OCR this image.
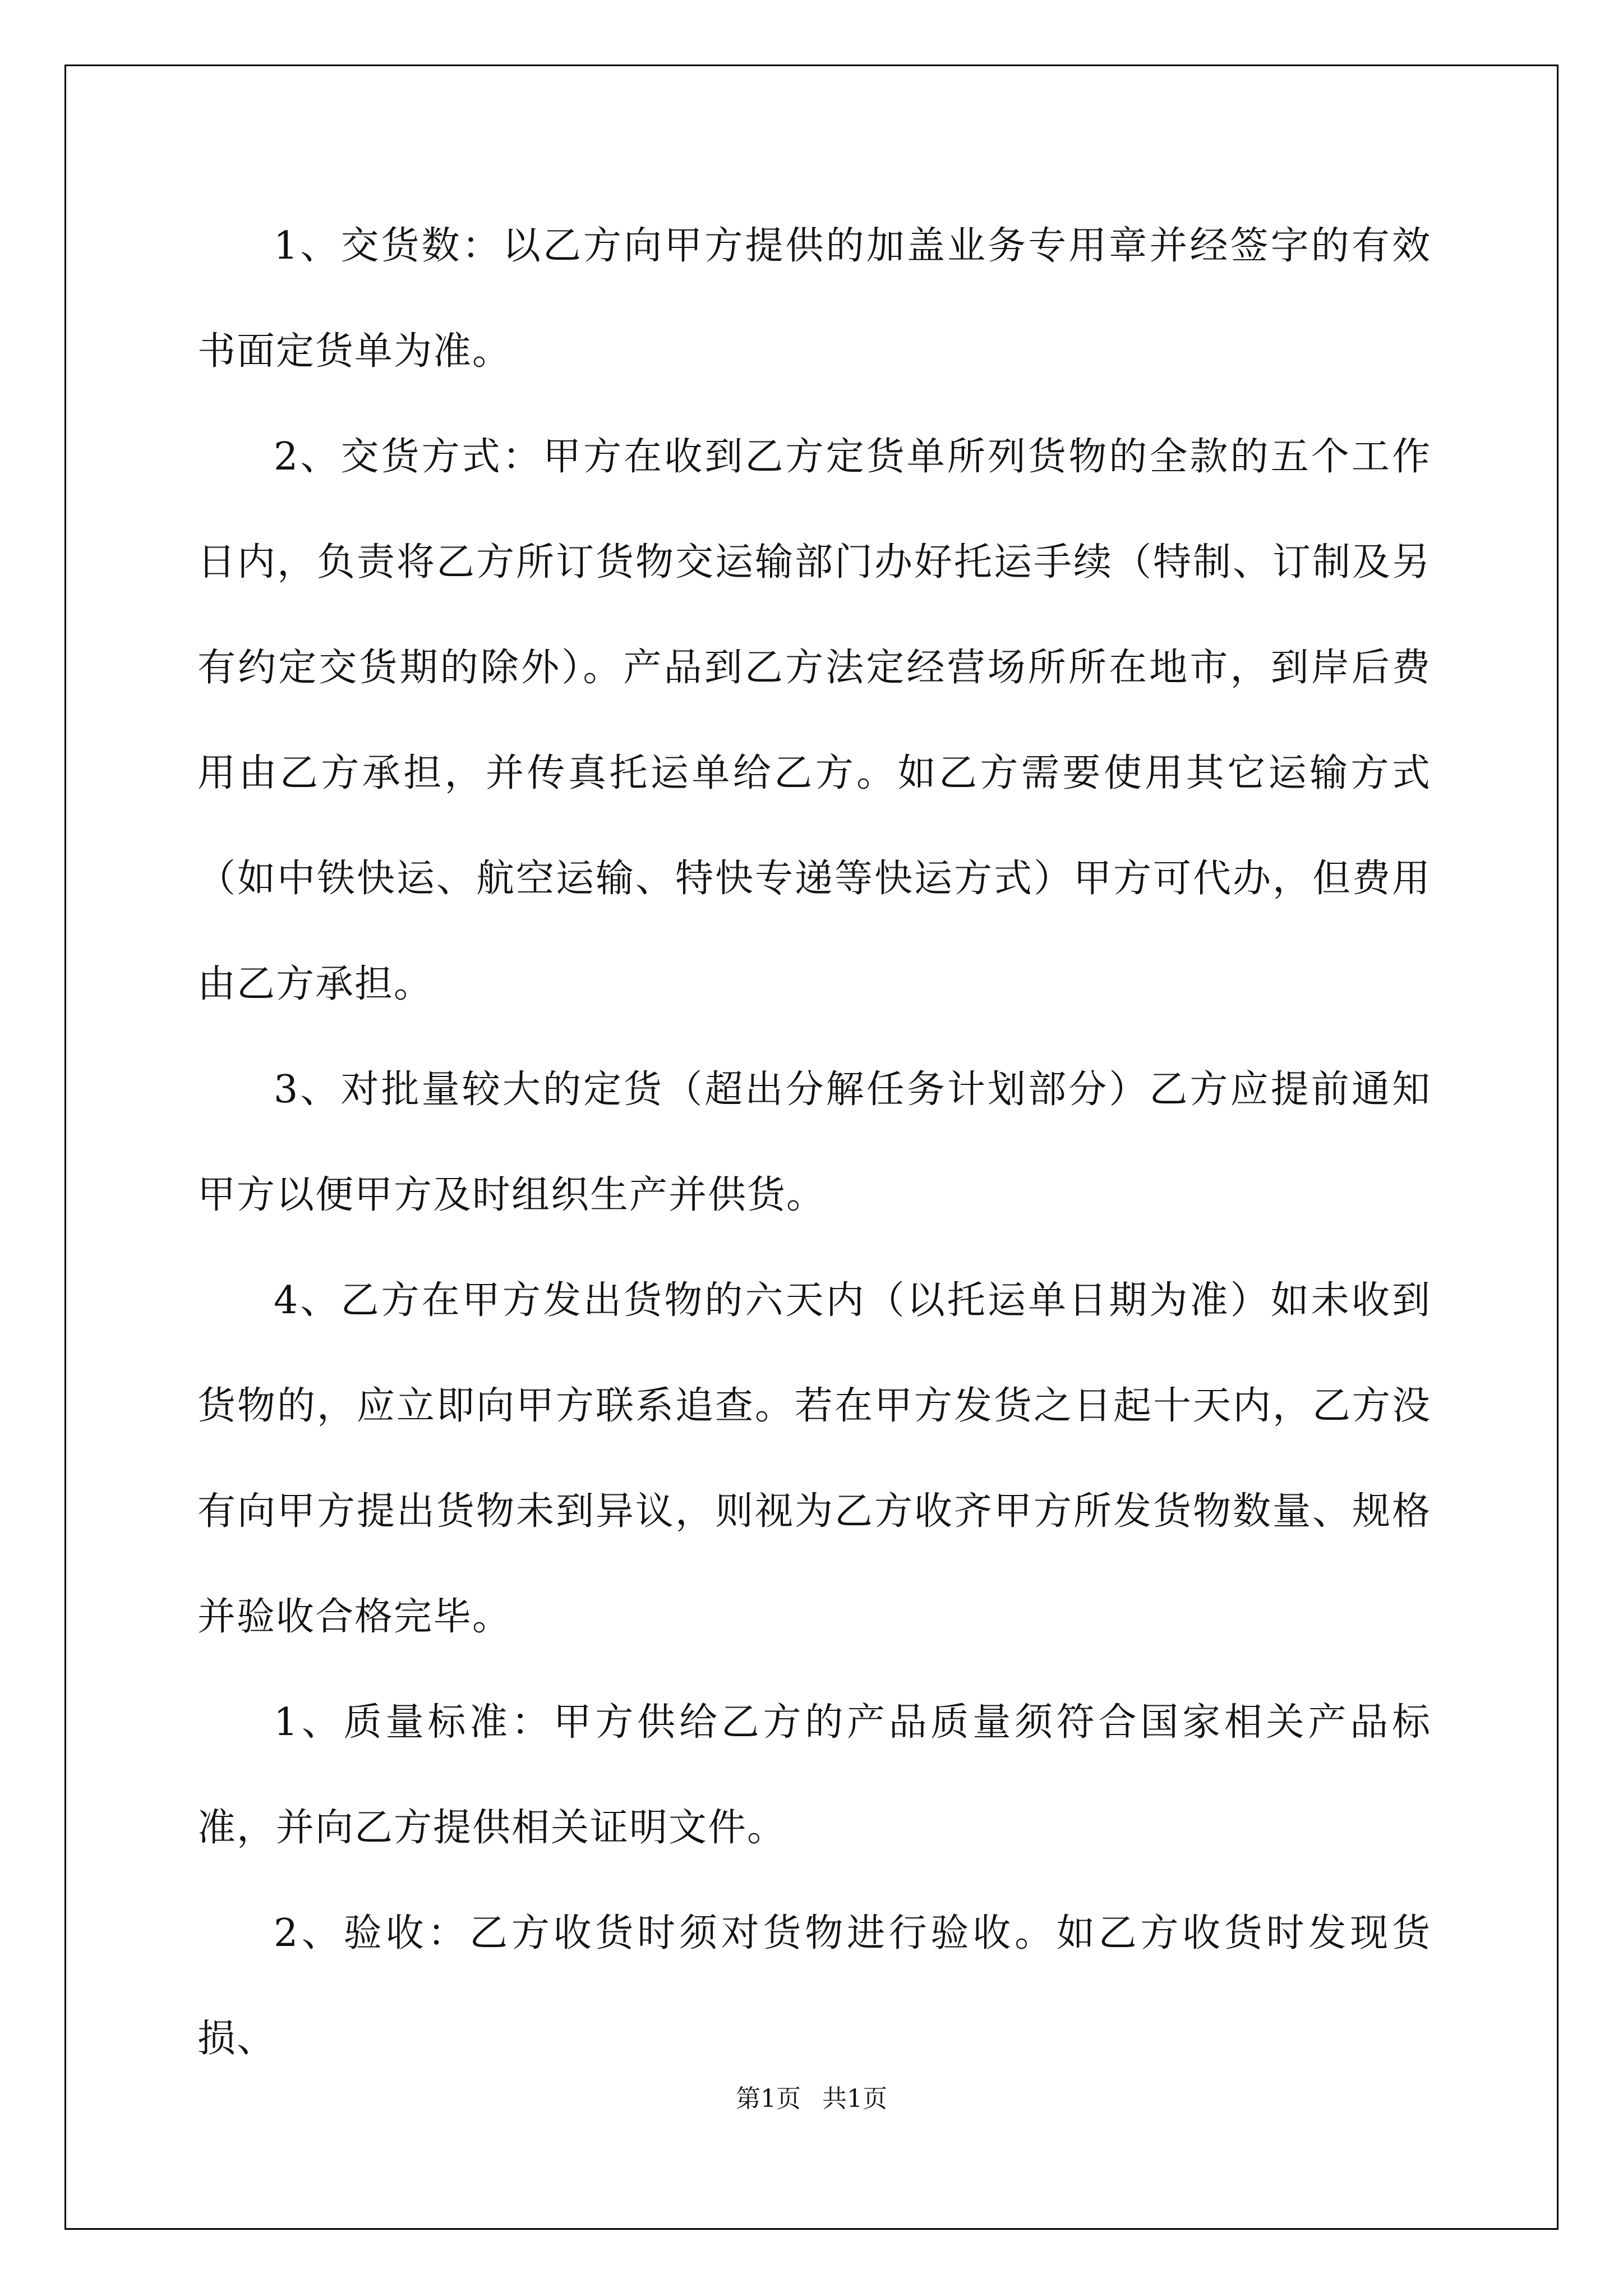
1、交货数：以乙方向甲方提供的加盖业务专用章并经签字的有效书面定货单为准。

2、交货方式：甲方在收到乙方定货单所列货物的全款的五个工作日内，负责将乙方所订货物交运输部门办好托运手续（特制、订制及另有约定交货期的除外）。产品到乙方法定经营场所所在地市，到岸后费用由乙方承担，并传真托运单给乙方。如乙方需要使用其它运输方式（如中铁快运、航空运输、特快专递等快运方式）甲方可代办，但费用由乙方承担。

3、对批量较大的定货（超出分解任务计划部分）乙方应提前通知甲方以便甲方及时组织生产并供货。

4、乙方在甲方发出货物的六天内（以托运单日期为准）如未收到货物的，应立即向甲方联系追查。若在甲方发货之日起十天内，乙方没有向甲方提出货物未到异议，则视为乙方收齐甲方所发货物数量、规格并验收合格完毕。

1、质量标准：甲方供给乙方的产品质量须符合国家相关产品标准，并向乙方提供相关证明文件。

2、验收：乙方收货时须对货物进行验收。如乙方收货时发现货损、

第1页 共1页
